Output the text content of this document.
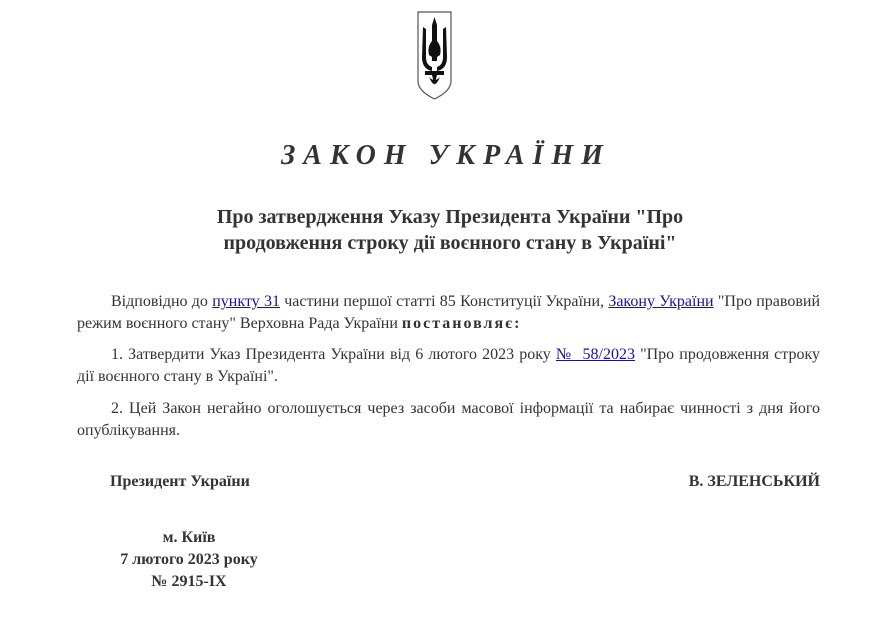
ЗАКОН УКРАЇНИ
Про затвердження Указу Президента України "Про
продовження строку дії воєнного стану в Україні"
Відповідно до пункту 31 частини першої статті 85 Конституції України, Закону України "Про правовий режим воєнного стану" Верховна Рада України постановляє:
1. Затвердити Указ Президента України від 6 лютого 2023 року №  58/2023 "Про продовження строку дії воєнного стану в Україні".
2. Цей Закон негайно оголошується через засоби масової інформації та набирає чинності з дня його опублікування.
Президент України	В. ЗЕЛЕНСЬКИЙ
м. Київ
7 лютого 2023 року
№ 2915-IX
